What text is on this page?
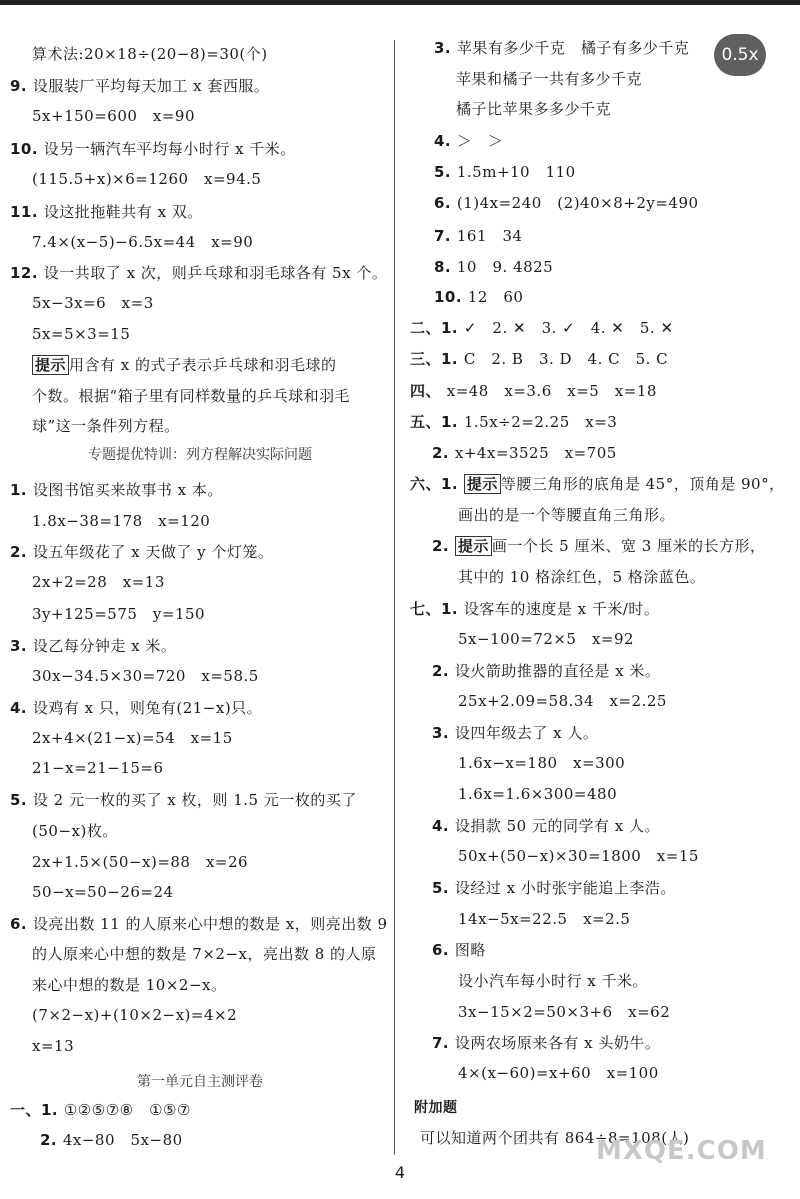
算术法:20×18÷(20−8)=30(个)
9. 设服装厂平均每天加工 x 套西服。
5x+150=600　x=90
10. 设另一辆汽车平均每小时行 x 千米。
(115.5+x)×6=1260　x=94.5
11. 设这批拖鞋共有 x 双。
7.4×(x−5)−6.5x=44　x=90
12. 设一共取了 x 次，则乒乓球和羽毛球各有 5x 个。
5x−3x=6　x=3
5x=5×3=15
提示 用含有 x 的式子表示乒乓球和羽毛球的
个数。根据“箱子里有同样数量的乒乓球和羽毛
球”这一条件列方程。
1.8x−38=178　x=120
1. 设图书馆买来故事书 x 本。
2. 设五年级花了 x 天做了 y 个灯笼。
2x+2=28　x=13
3y+125=575　y=150
3. 设乙每分钟走 x 米。
30x−34.5×30=720　x=58.5
4. 设鸡有 x 只，则兔有(21−x)只。
2x+4×(21−x)=54　x=15
21−x=21−15=6
5. 设 2 元一枚的买了 x 枚，则 1.5 元一枚的买了
(50−x)枚。
2x+1.5×(50−x)=88　x=26
50−x=50−26=24
6. 设亮出数 11 的人原来心中想的数是 x，则亮出数 9
的人原来心中想的数是 7×2−x，亮出数 8 的人原
来心中想的数是 10×2−x。
(7×2−x)+(10×2−x)=4×2
x=13
一、1. ①②⑤⑦⑧　①⑤⑦
2. 4x−80　5x−80
3. 苹果有多少千克　橘子有多少千克
苹果和橘子一共有多少千克
橘子比苹果多多少千克
4. ＞　＞
5. 1.5m+10　110
6. (1)4x=240　(2)40×8+2y=490
7. 161　34
8. 10　9. 4825
10. 12　60
二、1. ✓　2. ✕　3. ✓　4. ✕　5. ✕
三、1. C　2. B　3. D　4. C　5. C
四、 x=48　x=3.6　x=5　x=18
五、1. 1.5x÷2=2.25　x=3
2. x+4x=3525　x=705
六、1. 提示 等腰三角形的底角是 45°，顶角是 90°，
画出的是一个等腰直角三角形。
2. 提示 画一个长 5 厘米、宽 3 厘米的长方形，
其中的 10 格涂红色，5 格涂蓝色。
七、1. 设客车的速度是 x 千米/时。
5x−100=72×5　x=92
2. 设火箭助推器的直径是 x 米。
25x+2.09=58.34　x=2.25
3. 设四年级去了 x 人。
1.6x−x=180　x=300
1.6x=1.6×300=480
4. 设捐款 50 元的同学有 x 人。
50x+(50−x)×30=1800　x=15
5. 设经过 x 小时张宇能追上李浩。
14x−5x=22.5　x=2.5
6. 图略
设小汽车每小时行 x 千米。
3x−15×2=50×3+6　x=62
7. 设两农场原来各有 x 头奶牛。
4×(x−60)=x+60　x=100
可以知道两个团共有 864÷8=108(人)
专题提优特训：列方程解决实际问题
第一单元自主测评卷
附加题
4
0.5x
MXQE.COM
